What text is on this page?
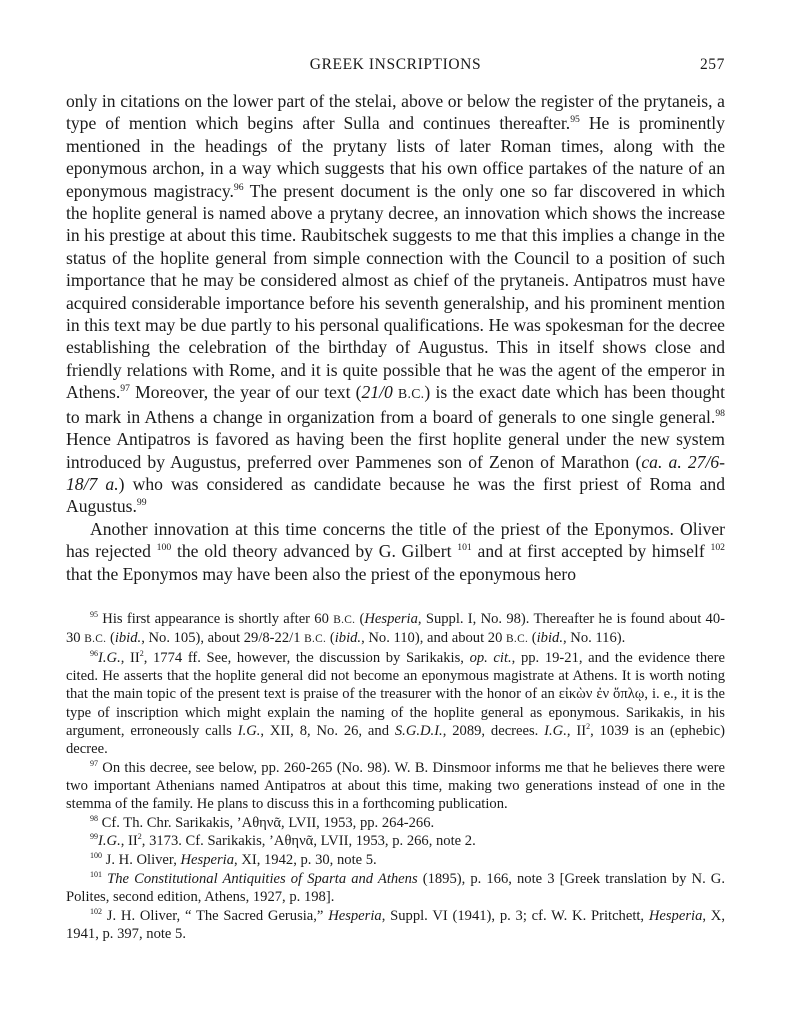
GREEK INSCRIPTIONS	257

only in citations on the lower part of the stelai, above or below the register of the prytaneis, a type of mention which begins after Sulla and continues thereafter.$^{95}$ He is prominently mentioned in the headings of the prytany lists of later Roman times, along with the eponymous archon, in a way which suggests that his own office partakes of the nature of an eponymous magistracy.$^{96}$ The present document is the only one so far discovered in which the hoplite general is named above a prytany decree, an innovation which shows the increase in his prestige at about this time. Raubitschek suggests to me that this implies a change in the status of the hoplite general from simple connection with the Council to a position of such importance that he may be considered almost as chief of the prytaneis. Antipatros must have acquired considerable importance before his seventh generalship, and his prominent mention in this text may be due partly to his personal qualifications. He was spokesman for the decree establishing the celebration of the birthday of Augustus. This in itself shows close and friendly relations with Rome, and it is quite possible that he was the agent of the emperor in Athens.$^{97}$ Moreover, the year of our text (21/0 B.C.) is the exact date which has been thought to mark in Athens a change in organization from a board of generals to one single general.$^{98}$ Hence Antipatros is favored as having been the first hoplite general under the new system introduced by Augustus, preferred over Pammenes son of Zenon of Marathon (ca. a. 27/6-18/7 a.) who was considered as candidate because he was the first priest of Roma and Augustus.$^{99}$

Another innovation at this time concerns the title of the priest of the Eponymos. Oliver has rejected $^{100}$ the old theory advanced by G. Gilbert $^{101}$ and at first accepted by himself $^{102}$ that the Eponymos may have been also the priest of the eponymous hero

$^{95}$ His first appearance is shortly after 60 B.C. (Hesperia, Suppl. I, No. 98). Thereafter he is found about 40-30 B.C. (ibid., No. 105), about 29/8-22/1 B.C. (ibid., No. 110), and about 20 B.C. (ibid., No. 116).

$^{96}$I.G., $II^2$, 1774 ff. See, however, the discussion by Sarikakis, op. cit., pp. 19-21, and the evidence there cited. He asserts that the hoplite general did not become an eponymous magistrate at Athens. It is worth noting that the main topic of the present text is praise of the treasurer with the honor of an εἰκὼν ἐν ὅπλῳ, i. e., it is the type of inscription which might explain the naming of the hoplite general as eponymous. Sarikakis, in his argument, erroneously calls I.G., XII, 8, No. 26, and S.G.D.I., 2089, decrees. I.G., $II^2$, 1039 is an (ephebic) decree.

$^{97}$ On this decree, see below, pp. 260-265 (No. 98). W. B. Dinsmoor informs me that he believes there were two important Athenians named Antipatros at about this time, making two generations instead of one in the stemma of the family. He plans to discuss this in a forthcoming publication.

$^{98}$ Cf. Th. Chr. Sarikakis, ’Αθηνᾶ, LVII, 1953, pp. 264-266.

$^{99}$I.G., $II^2$, 3173. Cf. Sarikakis, ’Αθηνᾶ, LVII, 1953, p. 266, note 2.

$^{100}$ J. H. Oliver, Hesperia, XI, 1942, p. 30, note 5.

$^{101}$ The Constitutional Antiquities of Sparta and Athens (1895), p. 166, note 3 [Greek translation by N. G. Polites, second edition, Athens, 1927, p. 198].

$^{102}$ J. H. Oliver, “ The Sacred Gerusia,” Hesperia, Suppl. VI (1941), p. 3; cf. W. K. Pritchett, Hesperia, X, 1941, p. 397, note 5.
